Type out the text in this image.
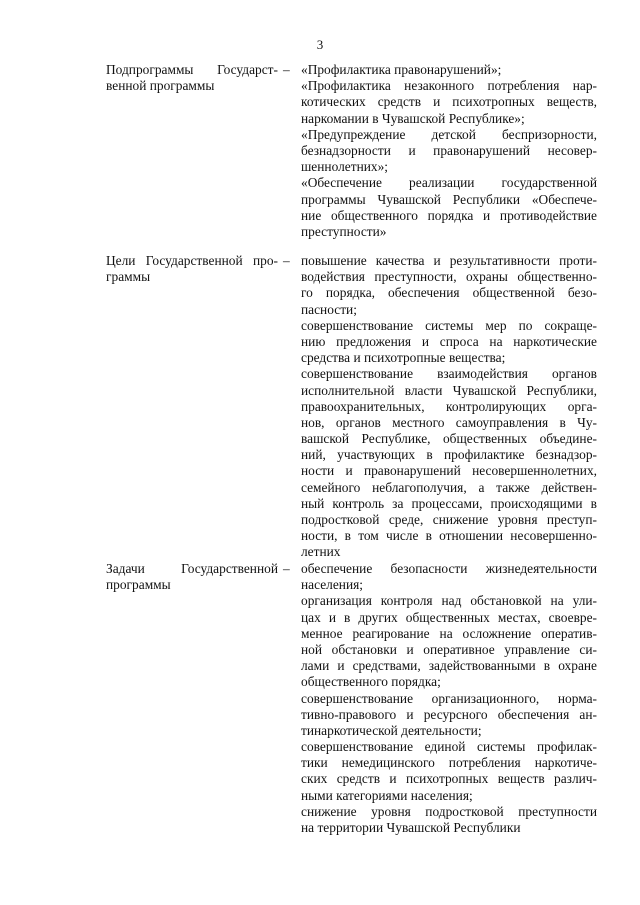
3
Подпрограммы Государст-
венной программы
– «Профилактика правонарушений»;
«Профилактика незаконного потребления нар-
котических средств и психотропных веществ,
наркомании в Чувашской Республике»;
«Предупреждение детской беспризорности,
безнадзорности и правонарушений несовер-
шеннолетних»;
«Обеспечение реализации государственной
программы Чувашской Республики «Обеспече-
ние общественного порядка и противодействие
преступности»
Цели Государственной про-
граммы
– повышение качества и результативности проти-
водействия преступности, охраны общественно-
го порядка, обеспечения общественной безо-
пасности;
совершенствование системы мер по сокраще-
нию предложения и спроса на наркотические
средства и психотропные вещества;
совершенствование взаимодействия органов
исполнительной власти Чувашской Республики,
правоохранительных, контролирующих орга-
нов, органов местного самоуправления в Чу-
вашской Республике, общественных объедине-
ний, участвующих в профилактике безнадзор-
ности и правонарушений несовершеннолетних,
семейного неблагополучия, а также действен-
ный контроль за процессами, происходящими в
подростковой среде, снижение уровня преступ-
ности, в том числе в отношении несовершенно-
летних
Задачи Государственной
программы
– обеспечение безопасности жизнедеятельности
населения;
организация контроля над обстановкой на ули-
цах и в других общественных местах, своевре-
менное реагирование на осложнение оператив-
ной обстановки и оперативное управление си-
лами и средствами, задействованными в охране
общественного порядка;
совершенствование организационного, норма-
тивно-правового и ресурсного обеспечения ан-
тинаркотической деятельности;
совершенствование единой системы профилак-
тики немедицинского потребления наркотиче-
ских средств и психотропных веществ различ-
ными категориями населения;
снижение уровня подростковой преступности
на территории Чувашской Республики
